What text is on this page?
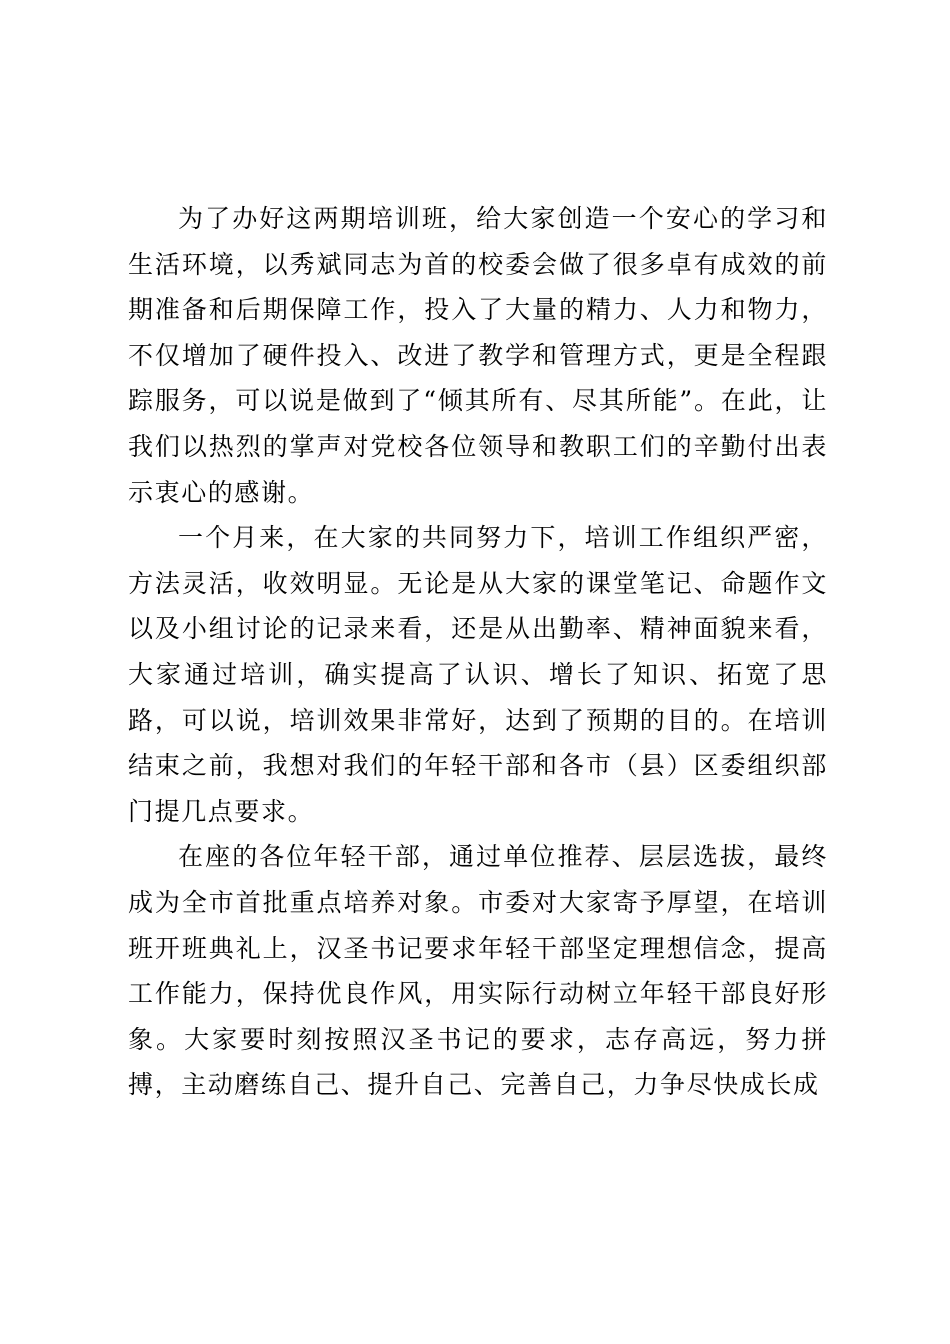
为了办好这两期培训班，给大家创造一个安心的学习和生活环境，以秀斌同志为首的校委会做了很多卓有成效的前期准备和后期保障工作，投入了大量的精力、人力和物力，不仅增加了硬件投入、改进了教学和管理方式，更是全程跟踪服务，可以说是做到了“倾其所有、尽其所能”。在此，让我们以热烈的掌声对党校各位领导和教职工们的辛勤付出表示衷心的感谢。

一个月来，在大家的共同努力下，培训工作组织严密，方法灵活，收效明显。无论是从大家的课堂笔记、命题作文以及小组讨论的记录来看，还是从出勤率、精神面貌来看，大家通过培训，确实提高了认识、增长了知识、拓宽了思路，可以说，培训效果非常好，达到了预期的目的。在培训结束之前，我想对我们的年轻干部和各市（县）区委组织部门提几点要求。

在座的各位年轻干部，通过单位推荐、层层选拔，最终成为全市首批重点培养对象。市委对大家寄予厚望，在培训班开班典礼上，汉圣书记要求年轻干部坚定理想信念，提高工作能力，保持优良作风，用实际行动树立年轻干部良好形象。大家要时刻按照汉圣书记的要求，志存高远，努力拼搏，主动磨练自己、提升自己、完善自己，力争尽快成长成
